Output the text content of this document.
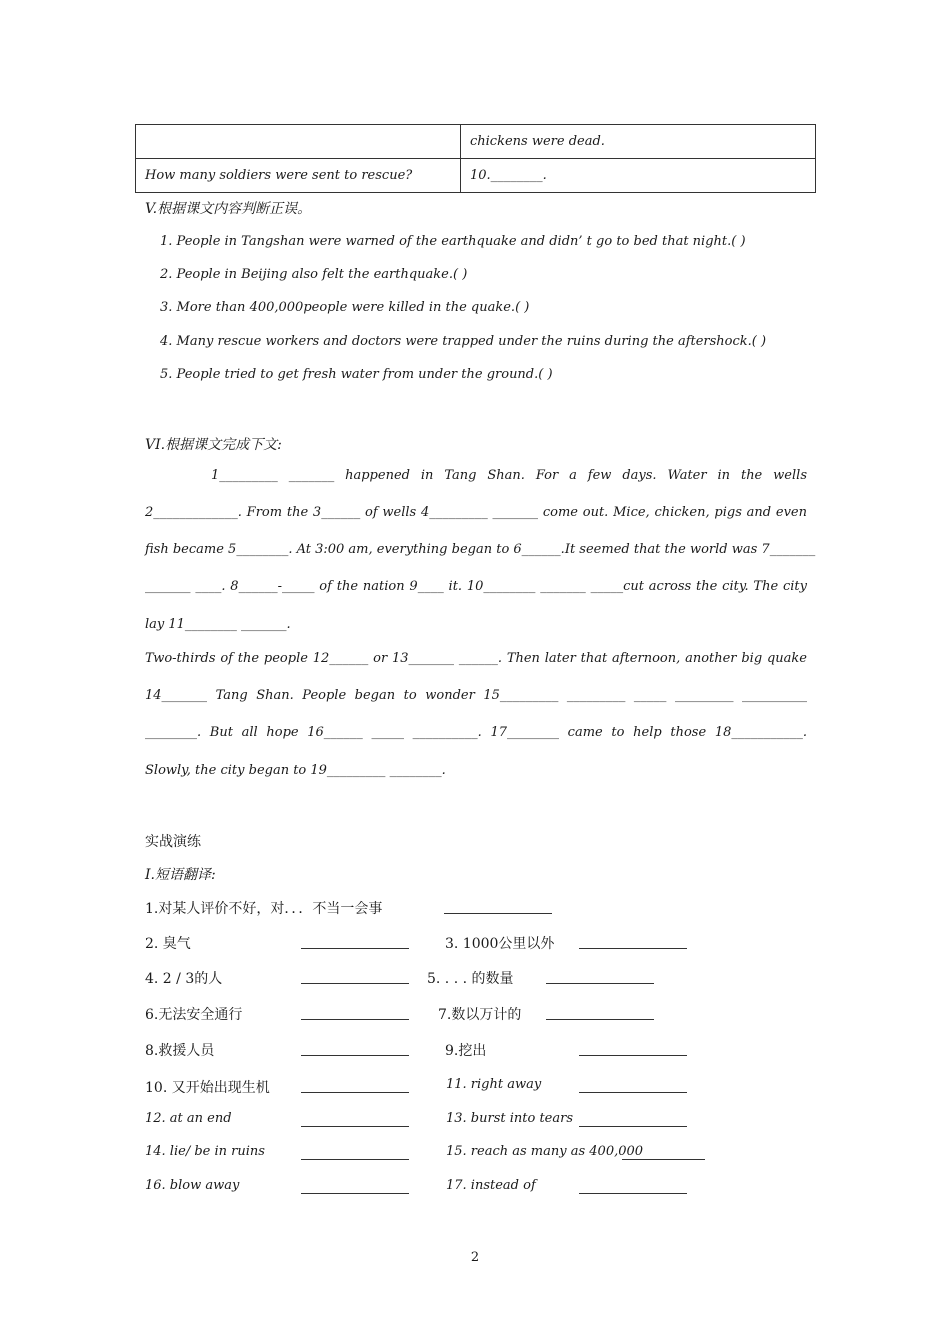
	chickens were dead.
How many soldiers were sent to rescue?	10.________.
V.根据课文内容判断正误。
1. People in Tangshan were warned of the earthquake and didn’ t go to bed that night.( )
2. People in Beijing also felt the earthquake.( )
3. More than 400,000people were killed in the quake.( )
4. Many rescue workers and doctors were trapped under the ruins during the aftershock.( )
5. People tried to get fresh water from under the ground.( )
VI.根据课文完成下文:
1_________ _______ happened in Tang Shan. For a few days. Water in the wells
2_____________. From the 3______ of wells 4_________ _______ come out. Mice, chicken, pigs and even
fish became 5________. At 3:00 am, everything began to 6______.It seemed that the world was 7_______
_______ ____. 8______-_____ of the nation 9____ it. 10________ _______ _____cut across the city. The city
lay 11________ _______.
Two-thirds of the people 12______ or 13_______ ______. Then later that afternoon, another big quake
14_______ Tang Shan. People began to wonder 15_________ _________ _____ _________ __________
________. But all hope 16______ _____ __________. 17________ came to help those 18___________.
Slowly, the city began to 19_________ ________.
实战演练
I.短语翻译:
1.对某人评价不好，对．．．不当一会事
2. 臭气	3. 1000公里以外
4. 2 / 3的人	5. . . . 的数量
6.无法安全通行	7.数以万计的
8.救援人员	9.挖出
10. 又开始出现生机	11. right away
12. at an end	13. burst into tears
14. lie/ be in ruins	15. reach as many as 400,000
16. blow away	17. instead of
2
